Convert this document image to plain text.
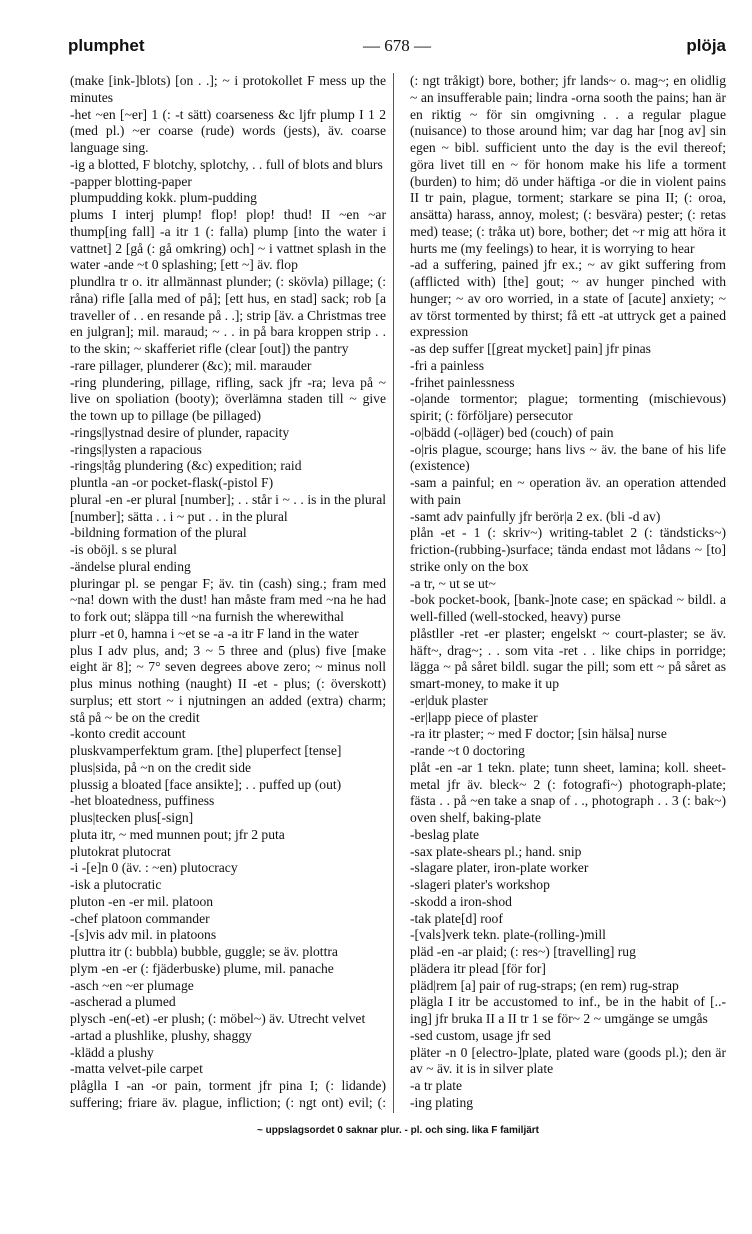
plumphet	— 678 —	plöja

(make [ink-]blots) [on . .]; ~ i protokollet F mess up the minutes

-het ~en [~er] 1 (: -t sätt) coarseness &c ljfr plump I 1 2 (med pl.) ~er coarse (rude) words (jests), äv. coarse language sing.

-ig a blotted, F blotchy, splotchy, . . full of blots and blurs

-papper blotting-paper

plumpudding kokk. plum-pudding

plums I interj plump! flop! plop! thud! II ~en ~ar thump[ing fall] -a itr 1 (: falla) plump [into the water i vattnet] 2 [gå (: gå omkring) och] ~ i vattnet splash in the water -ande ~t 0 splashing; [ett ~] äv. flop

plundlra tr o. itr allmännast plunder; (: skövla) pillage; (: råna) rifle [alla med of på]; [ett hus, en stad] sack; rob [a traveller of . . en resande på . .]; strip [äv. a Christmas tree en julgran]; mil. maraud; ~ . . in på bara kroppen strip . . to the skin; ~ skafferiet rifle (clear [out]) the pantry

-rare pillager, plunderer (&c); mil. marauder

-ring plundering, pillage, rifling, sack jfr -ra; leva på ~ live on spoliation (booty); överlämna staden till ~ give the town up to pillage (be pillaged)

-rings|lystnad desire of plunder, rapacity

-rings|lysten a rapacious

-rings|tåg plundering (&c) expedition; raid

pluntla -an -or pocket-flask(-pistol F)

plural -en -er plural [number]; . . står i ~ . . is in the plural [number]; sätta . . i ~ put . . in the plural

-bildning formation of the plural

-is oböjl. s se plural

-ändelse plural ending

pluringar pl. se pengar F; äv. tin (cash) sing.; fram med ~na! down with the dust! han måste fram med ~na he had to fork out; släppa till ~na furnish the wherewithal

plurr -et 0, hamna i ~et se -a -a itr F land in the water

plus I adv plus, and; 3 ~ 5 three and (plus) five [make eight är 8]; ~ 7° seven degrees above zero; ~ minus noll plus minus nothing (naught) II -et - plus; (: överskott) surplus; ett stort ~ i njutningen an added (extra) charm; stå på ~ be on the credit

-konto credit account

pluskvamperfektum gram. [the] pluperfect [tense]

plus|sida, på ~n on the credit side

plussig a bloated [face ansikte]; . . puffed up (out)

-het bloatedness, puffiness

plus|tecken plus[-sign]

pluta itr, ~ med munnen pout; jfr 2 puta

plutokrat plutocrat

-i -[e]n 0 (äv. : ~en) plutocracy

-isk a plutocratic

pluton -en -er mil. platoon

-chef platoon commander

-[s]vis adv mil. in platoons

pluttra itr (: bubbla) bubble, guggle; se äv. plottra

plym -en -er (: fjäderbuske) plume, mil. panache

-asch ~en ~er plumage

-ascherad a plumed

plysch -en(-et) -er plush; (: möbel~) äv. Utrecht velvet

-artad a plushlike, plushy, shaggy

-klädd a plushy

-matta velvet-pile carpet

plåglla I -an -or pain, torment jfr pina I; (: lidande) suffering; friare äv. plague, infliction; (: ngt ont) evil; (:

(: ngt tråkigt) bore, bother; jfr lands~ o. mag~; en olidlig ~ an insufferable pain; lindra -orna sooth the pains; han är en riktig ~ för sin omgivning . . a regular plague (nuisance) to those around him; var dag har [nog av] sin egen ~ bibl. sufficient unto the day is the evil thereof; göra livet till en ~ för honom make his life a torment (burden) to him; dö under häftiga -or die in violent pains II tr pain, plague, torment; starkare se pina II; (: oroa, ansätta) harass, annoy, molest; (: besvära) pester; (: retas med) tease; (: tråka ut) bore, bother; det ~r mig att höra it hurts me (my feelings) to hear, it is worrying to hear

-ad a suffering, pained jfr ex.; ~ av gikt suffering from (afflicted with) [the] gout; ~ av hunger pinched with hunger; ~ av oro worried, in a state of [acute] anxiety; ~ av törst tormented by thirst; få ett -at uttryck get a pained expression

-as dep suffer [[great mycket] pain] jfr pinas

-fri a painless

-frihet painlessness

-o|ande tormentor; plague; tormenting (mischievous) spirit; (: förföljare) persecutor

-o|bädd (-o|läger) bed (couch) of pain

-o|ris plague, scourge; hans livs ~ äv. the bane of his life (existence)

-sam a painful; en ~ operation äv. an operation attended with pain

-samt adv painfully jfr berör|a 2 ex. (bli -d av)

plån -et - 1 (: skriv~) writing-tablet 2 (: tändsticks~) friction-(rubbing-)surface; tända endast mot lådans ~ [to] strike only on the box

-a tr, ~ ut se ut~

-bok pocket-book, [bank-]note case; en späckad ~ bildl. a well-filled (well-stocked, heavy) purse

plåstller -ret -er plaster; engelskt ~ court-plaster; se äv. häft~, drag~; . . som vita -ret . . like chips in porridge; lägga ~ på såret bildl. sugar the pill; som ett ~ på såret as smart-money, to make it up

-er|duk plaster

-er|lapp piece of plaster

-ra itr plaster; ~ med F doctor; [sin hälsa] nurse

-rande ~t 0 doctoring

plåt -en -ar 1 tekn. plate; tunn sheet, lamina; koll. sheet-metal jfr äv. bleck~ 2 (: fotografi~) photograph-plate; fästa . . på ~en take a snap of . ., photograph . . 3 (: bak~) oven shelf, baking-plate

-beslag plate

-sax plate-shears pl.; hand. snip

-slagare plater, iron-plate worker

-slageri plater's workshop

-skodd a iron-shod

-tak plate[d] roof

-[vals]verk tekn. plate-(rolling-)mill

pläd -en -ar plaid; (: res~) [travelling] rug

plädera itr plead [för for]

pläd|rem [a] pair of rug-straps; (en rem) rug-strap

plägla I itr be accustomed to inf., be in the habit of [..-ing] jfr bruka II a II tr 1 se för~ 2 ~ umgänge se umgås

-sed custom, usage jfr sed

pläter -n 0 [electro-]plate, plated ware (goods pl.); den är av ~ äv. it is in silver plate

-a tr plate

-ing plating

~ uppslagsordet 0 saknar plur. - pl. och sing. lika F familjärt
